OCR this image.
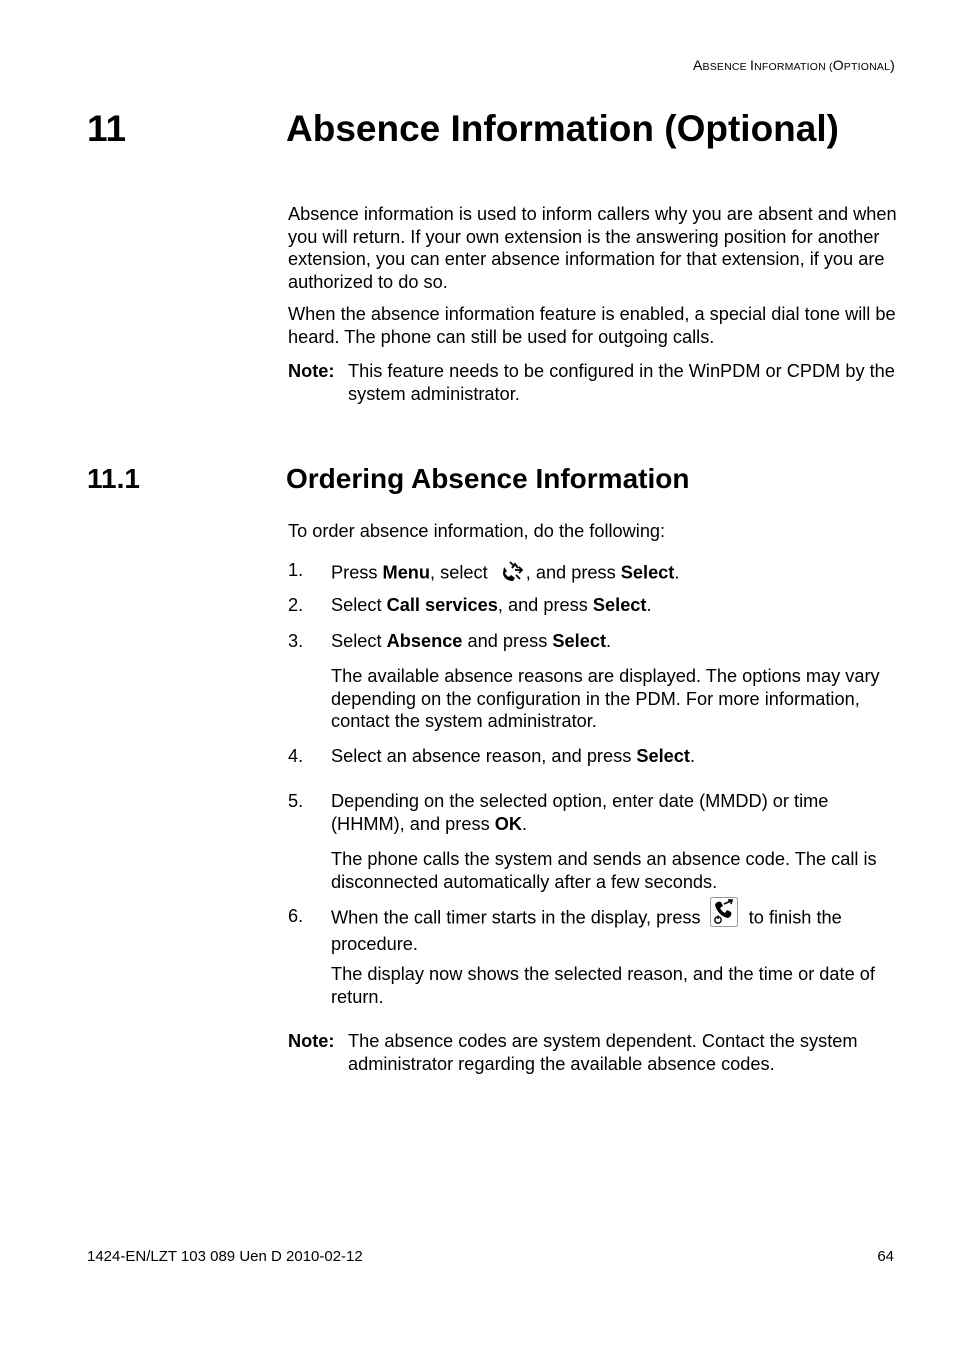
ABSENCE INFORMATION (OPTIONAL)
11	Absence Information (Optional)
Absence information is used to inform callers why you are absent and when you will return. If your own extension is the answering position for another extension, you can enter absence information for that extension, if you are authorized to do so.
When the absence information feature is enabled, a special dial tone will be heard. The phone can still be used for outgoing calls.
Note: This feature needs to be configured in the WinPDM or CPDM by the system administrator.
11.1	Ordering Absence Information
To order absence information, do the following:
1. Press Menu, select , and press Select.
2. Select Call services, and press Select.
3. Select Absence and press Select.
The available absence reasons are displayed. The options may vary depending on the configuration in the PDM. For more information, contact the system administrator.
4. Select an absence reason, and press Select.
5. Depending on the selected option, enter date (MMDD) or time (HHMM), and press OK.
The phone calls the system and sends an absence code. The call is disconnected automatically after a few seconds.
6. When the call timer starts in the display, press  to finish the procedure.
The display now shows the selected reason, and the time or date of return.
Note: The absence codes are system dependent. Contact the system administrator regarding the available absence codes.
1424-EN/LZT 103 089 Uen D 2010-02-12	64
